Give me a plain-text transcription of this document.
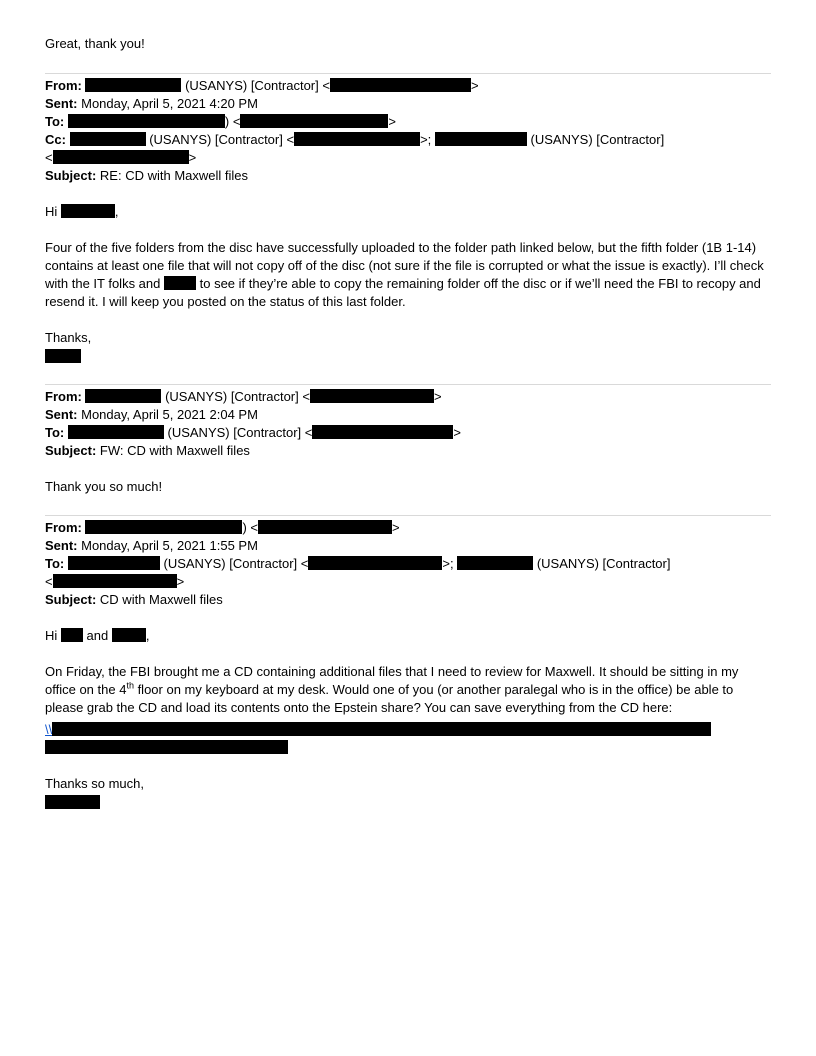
Great, thank you!
From:	(USANYS) [Contractor] <	>
Sent: Monday, April 5, 2021 4:20 PM
To:	) <	>
Cc:	(USANYS) [Contractor] <	>;	(USANYS) [Contractor]
<	>
Subject: RE: CD with Maxwell files
Hi	,
Four of the five folders from the disc have successfully uploaded to the folder path linked below, but the fifth folder (1B 1-14) contains at least one file that will not copy off of the disc (not sure if the file is corrupted or what the issue is exactly). I’ll check with the IT folks and	to see if they’re able to copy the remaining folder off the disc or if we’ll need the FBI to recopy and resend it. I will keep you posted on the status of this last folder.
Thanks,
From:	(USANYS) [Contractor] <	>
Sent: Monday, April 5, 2021 2:04 PM
To:	(USANYS) [Contractor] <	>
Subject: FW: CD with Maxwell files
Thank you so much!
From:	) <	>
Sent: Monday, April 5, 2021 1:55 PM
To:	(USANYS) [Contractor] <	>;	(USANYS) [Contractor]
<	>
Subject: CD with Maxwell files
Hi and	,
On Friday, the FBI brought me a CD containing additional files that I need to review for Maxwell. It should be sitting in my office on the 4th floor on my keyboard at my desk. Would one of you (or another paralegal who is in the office) be able to please grab the CD and load its contents onto the Epstein share? You can save everything from the CD here:
\\
Thanks so much,
